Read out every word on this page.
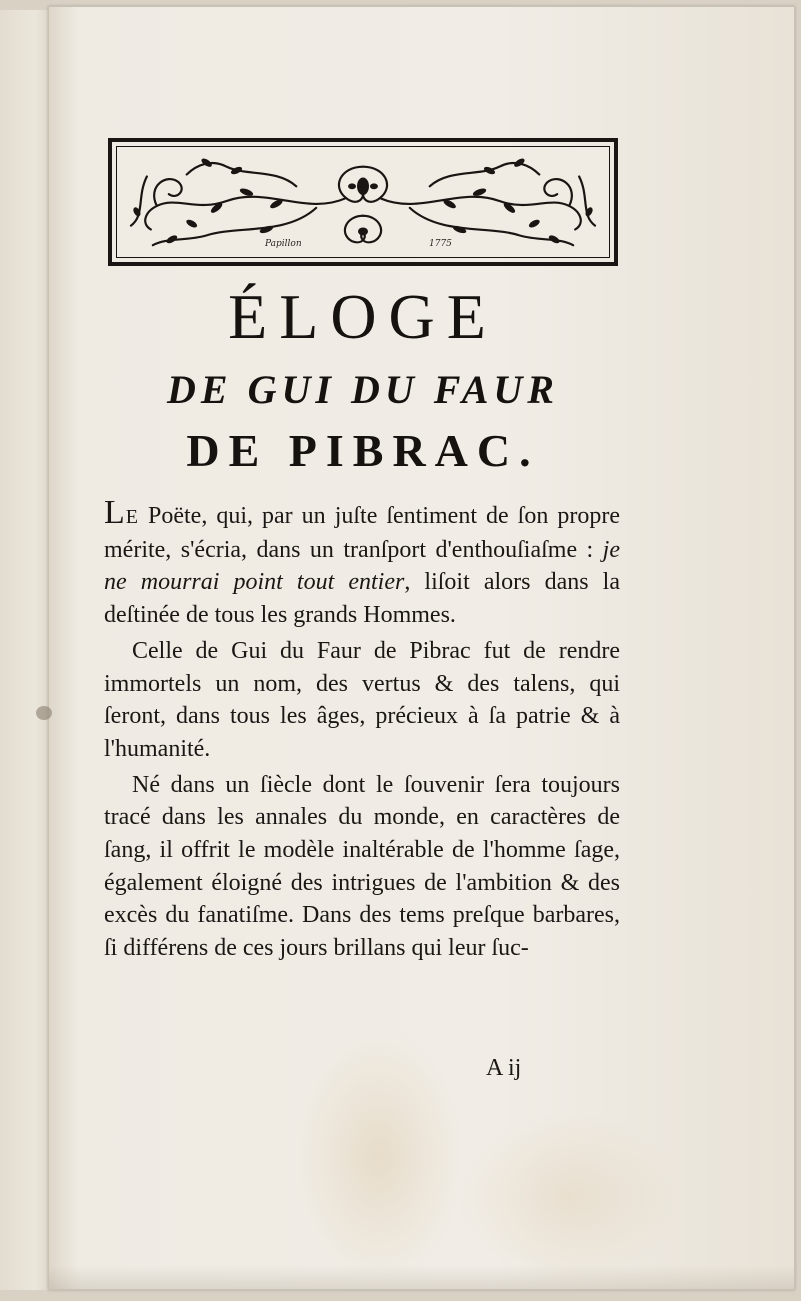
Papillon	1775
ÉLOGE
DE GUI DU FAUR
DE PIBRAC.

LE Poëte, qui, par un juſte ſentiment de ſon propre mérite, s'écria, dans un tranſport d'enthouſiaſme : je ne mourrai point tout entier, liſoit alors dans la deſtinée de tous les grands Hommes.

Celle de Gui du Faur de Pibrac fut de rendre immortels un nom, des vertus & des talens, qui ſeront, dans tous les âges, précieux à ſa patrie & à l'humanité.

Né dans un ſiècle dont le ſouvenir ſera toujours tracé dans les annales du monde, en caractères de ſang, il offrit le modèle inaltérable de l'homme ſage, également éloigné des intrigues de l'ambition & des excès du fanatiſme. Dans des tems preſque barbares, ſi différens de ces jours brillans qui leur ſuc-

A ij
